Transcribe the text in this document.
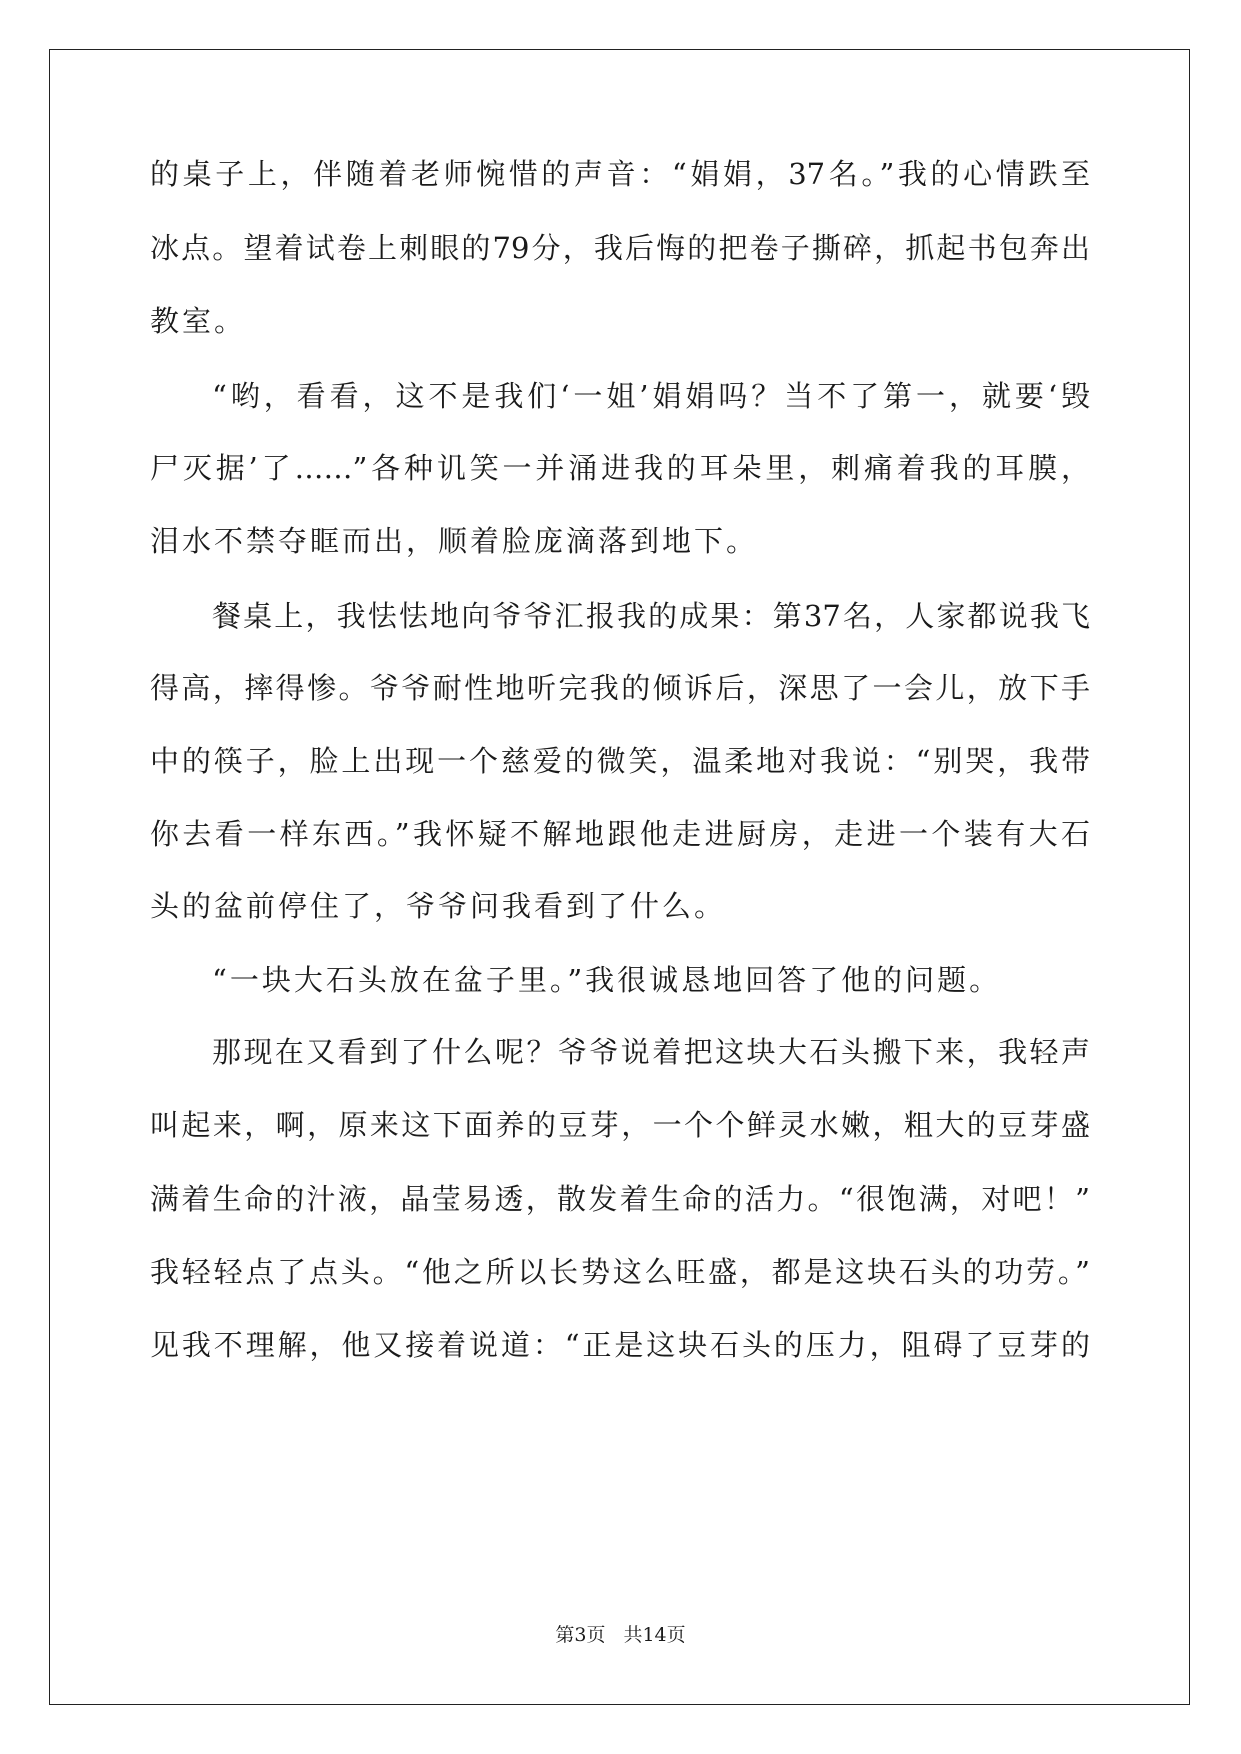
的桌子上，伴随着老师惋惜的声音：“娟娟，37名。”我的心情跌至
冰点。望着试卷上刺眼的79分，我后悔的把卷子撕碎，抓起书包奔出
教室。
“哟，看看，这不是我们‘一姐’娟娟吗？当不了第一，就要‘毁
尸灭据’了……”各种讥笑一并涌进我的耳朵里，刺痛着我的耳膜，
泪水不禁夺眶而出，顺着脸庞滴落到地下。
餐桌上，我怯怯地向爷爷汇报我的成果：第37名，人家都说我飞
得高，摔得惨。爷爷耐性地听完我的倾诉后，深思了一会儿，放下手
中的筷子，脸上出现一个慈爱的微笑，温柔地对我说：“别哭，我带
你去看一样东西。”我怀疑不解地跟他走进厨房，走进一个装有大石
头的盆前停住了，爷爷问我看到了什么。
“一块大石头放在盆子里。”我很诚恳地回答了他的问题。
那现在又看到了什么呢？爷爷说着把这块大石头搬下来，我轻声
叫起来，啊，原来这下面养的豆芽，一个个鲜灵水嫩，粗大的豆芽盛
满着生命的汁液，晶莹易透，散发着生命的活力。“很饱满，对吧！”
我轻轻点了点头。“他之所以长势这么旺盛，都是这块石头的功劳。”
见我不理解，他又接着说道：“正是这块石头的压力，阻碍了豆芽的
第3页 共14页
